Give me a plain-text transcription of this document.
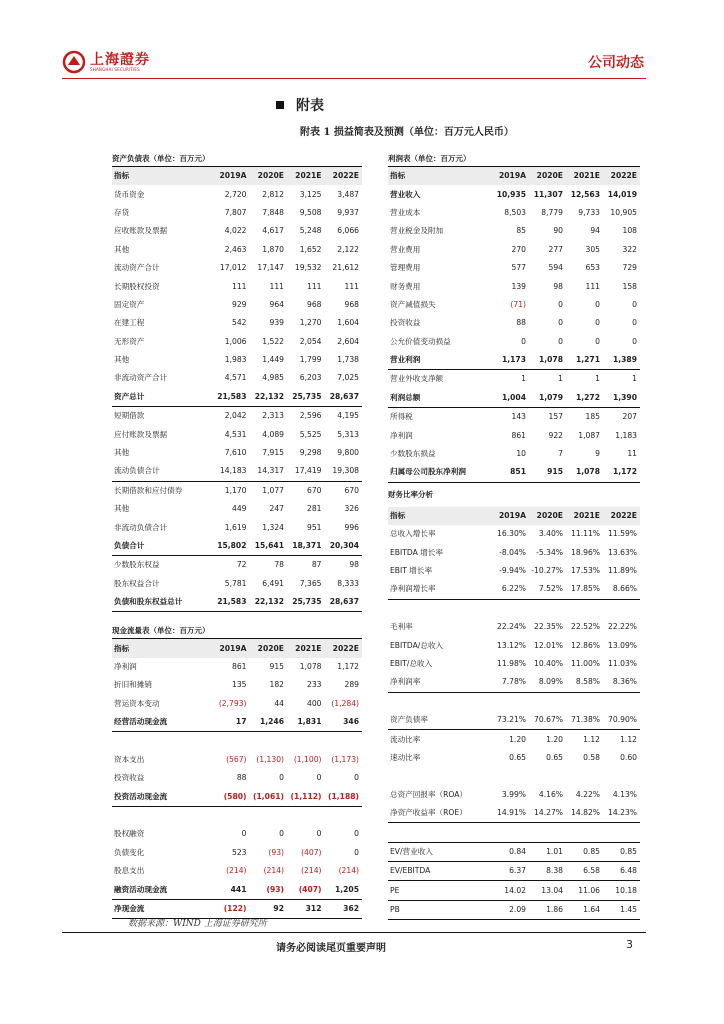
上海證券
SHANGHAI SECURITIES	公司动态
附表
附表 1 损益简表及预测（单位：百万元人民币）
资产负债表（单位：百万元）
指标	2019A	2020E	2021E	2022E
货币资金	2,720	2,812	3,125	3,487
存货	7,807	7,848	9,508	9,937
应收账款及票据	4,022	4,617	5,248	6,066
其他	2,463	1,870	1,652	2,122
流动资产合计	17,012	17,147	19,532	21,612
长期股权投资	111	111	111	111
固定资产	929	964	968	968
在建工程	542	939	1,270	1,604
无形资产	1,006	1,522	2,054	2,604
其他	1,983	1,449	1,799	1,738
非流动资产合计	4,571	4,985	6,203	7,025
资产总计	21,583	22,132	25,735	28,637
短期借款	2,042	2,313	2,596	4,195
应付账款及票据	4,531	4,089	5,525	5,313
其他	7,610	7,915	9,298	9,800
流动负债合计	14,183	14,317	17,419	19,308
长期借款和应付债券	1,170	1,077	670	670
其他	449	247	281	326
非流动负债合计	1,619	1,324	951	996
负债合计	15,802	15,641	18,371	20,304
少数股东权益	72	78	87	98
股东权益合计	5,781	6,491	7,365	8,333
负债和股东权益总计	21,583	22,132	25,735	28,637
现金流量表（单位：百万元）
指标	2019A	2020E	2021E	2022E
净利润	861	915	1,078	1,172
折旧和摊销	135	182	233	289
营运资本变动	(2,793)	44	400	(1,284)
经营活动现金流	17	1,246	1,831	346

资本支出	(567)	(1,130)	(1,100)	(1,173)
投资收益	88	0	0	0
投资活动现金流	(580)	(1,061)	(1,112)	(1,188)

股权融资	0	0	0	0
负债变化	523	(93)	(407)	0
股息支出	(214)	(214)	(214)	(214)
融资活动现金流	441	(93)	(407)	1,205
净现金流	(122)	92	312	362
利润表（单位：百万元）
指标	2019A	2020E	2021E	2022E
营业收入	10,935	11,307	12,563	14,019
营业成本	8,503	8,779	9,733	10,905
营业税金及附加	85	90	94	108
营业费用	270	277	305	322
管理费用	577	594	653	729
财务费用	139	98	111	158
资产减值损失	(71)	0	0	0
投资收益	88	0	0	0
公允价值变动损益	0	0	0	0
营业利润	1,173	1,078	1,271	1,389
营业外收支净额	1	1	1	1
利润总额	1,004	1,079	1,272	1,390
所得税	143	157	185	207
净利润	861	922	1,087	1,183
少数股东损益	10	7	9	11
归属母公司股东净利润	851	915	1,078	1,172
财务比率分析
指标	2019A	2020E	2021E	2022E
总收入增长率	16.30%	3.40%	11.11%	11.59%
EBITDA 增长率	-8.04%	-5.34%	18.96%	13.63%
EBIT 增长率	-9.94%	-10.27%	17.53%	11.89%
净利润增长率	6.22%	7.52%	17.85%	8.66%

毛利率	22.24%	22.35%	22.52%	22.22%
EBITDA/总收入	13.12%	12.01%	12.86%	13.09%
EBIT/总收入	11.98%	10.40%	11.00%	11.03%
净利润率	7.78%	8.09%	8.58%	8.36%

资产负债率	73.21%	70.67%	71.38%	70.90%
流动比率	1.20	1.20	1.12	1.12
速动比率	0.65	0.65	0.58	0.60

总资产回报率（ROA）	3.99%	4.16%	4.22%	4.13%
净资产收益率（ROE）	14.91%	14.27%	14.82%	14.23%

EV/营业收入	0.84	1.01	0.85	0.85
EV/EBITDA	6.37	8.38	6.58	6.48
PE	14.02	13.04	11.06	10.18
PB	2.09	1.86	1.64	1.45
数据来源：WIND 上海证券研究所
请务必阅读尾页重要声明	3
